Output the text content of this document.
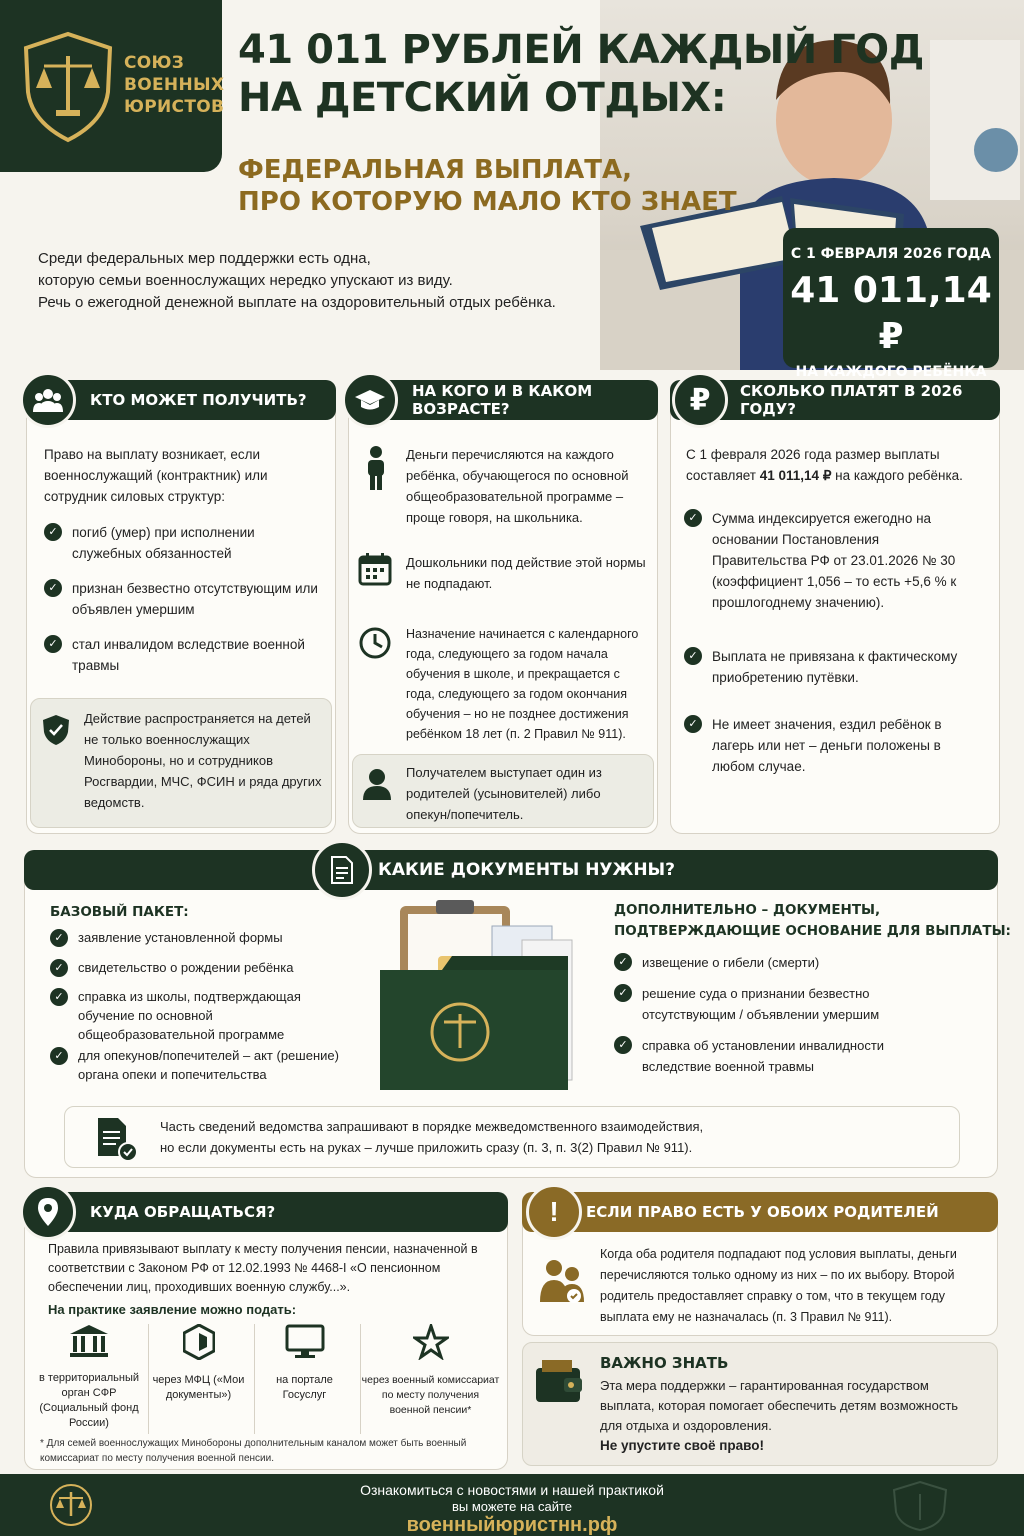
СОЮЗ
ВОЕННЫХ
ЮРИСТОВ
41 011 РУБЛЕЙ КАЖДЫЙ ГОД
НА ДЕТСКИЙ ОТДЫХ:
ФЕДЕРАЛЬНАЯ ВЫПЛАТА,
ПРО КОТОРУЮ МАЛО КТО ЗНАЕТ

Среди федеральных мер поддержки есть одна,

которую семьи военнослужащих нередко упускают из виду.

Речь о ежегодной денежной выплате на оздоровительный отдых ребёнка.

С 1 ФЕВРАЛЯ 2026 ГОДА
41 011,14 ₽
НА КАЖДОГО РЕБЁНКА
КТО МОЖЕТ ПОЛУЧИТЬ?
Право на выплату возникает, если военнослужащий (контрактник) или сотрудник силовых структур:
✓	погиб (умер) при исполнении служебных обязанностей
✓	признан безвестно отсутствующим или объявлен умершим
✓	стал инвалидом вследствие военной травмы
Действие распространяется на детей не только военнослужащих Минобороны, но и сотрудников Росгвардии, МЧС, ФСИН и ряда других ведомств.
НА КОГО И В КАКОМ ВОЗРАСТЕ?
Деньги перечисляются на каждого ребёнка, обучающегося по основной общеобразовательной программе – проще говоря, на школьника.
Дошкольники под действие этой нормы не подпадают.
Назначение начинается с календарного года, следующего за годом начала обучения в школе, и прекращается с года, следующего за годом окончания обучения – но не позднее достижения ребёнком 18 лет (п. 2 Правил № 911).
Получателем выступает один из родителей (усыновителей) либо опекун/попечитель.
СКОЛЬКО ПЛАТЯТ В 2026 ГОДУ?
₽
С 1 февраля 2026 года размер выплаты составляет 41 011,14 ₽ на каждого ребёнка.
✓	Сумма индексируется ежегодно на основании Постановления Правительства РФ от 23.01.2026 № 30 (коэффициент 1,056 – то есть +5,6 % к прошлогоднему значению).
✓	Выплата не привязана к фактическому приобретению путёвки.
✓	Не имеет значения, ездил ребёнок в лагерь или нет – деньги положены в любом случае.
КАКИЕ ДОКУМЕНТЫ НУЖНЫ?
БАЗОВЫЙ ПАКЕТ:
✓	заявление установленной формы
✓	свидетельство о рождении ребёнка
✓	справка из школы, подтверждающая обучение по основной общеобразовательной программе
✓	для опекунов/попечителей – акт (решение) органа опеки и попечительства
ДОПОЛНИТЕЛЬНО – ДОКУМЕНТЫ,
ПОДТВЕРЖДАЮЩИЕ ОСНОВАНИЕ ДЛЯ ВЫПЛАТЫ:
✓	извещение о гибели (смерти)
✓	решение суда о признании безвестно отсутствующим / объявлении умершим
✓	справка об установлении инвалидности вследствие военной травмы
Часть сведений ведомства запрашивают в порядке межведомственного взаимодействия,
но если документы есть на руках – лучше приложить сразу (п. 3, п. 3(2) Правил № 911).
КУДА ОБРАЩАТЬСЯ?
Правила привязывают выплату к месту получения пенсии, назначенной в соответствии с Законом РФ от 12.02.1993 № 4468-I «О пенсионном обеспечении лиц, проходивших военную службу...».
На практике заявление можно подать:
в территориальный орган СФР (Социальный фонд России)
через МФЦ («Мои документы»)
на портале Госуслуг
через военный комиссариат по месту получения военной пенсии*
* Для семей военнослужащих Минобороны дополнительным каналом может быть военный комиссариат по месту получения военной пенсии.
ЕСЛИ ПРАВО ЕСТЬ У ОБОИХ РОДИТЕЛЕЙ
!
Когда оба родителя подпадают под условия выплаты, деньги перечисляются только одному из них – по их выбору. Второй родитель предоставляет справку о том, что в текущем году выплата ему не назначалась (п. 3 Правил № 911).
ВАЖНО ЗНАТЬ
Эта мера поддержки – гарантированная государством выплата, которая помогает обеспечить детям возможность для отдыха и оздоровления.
Не упустите своё право!
Ознакомиться с новостями и нашей практикой
вы можете на сайте
военныйюристнн.рф
